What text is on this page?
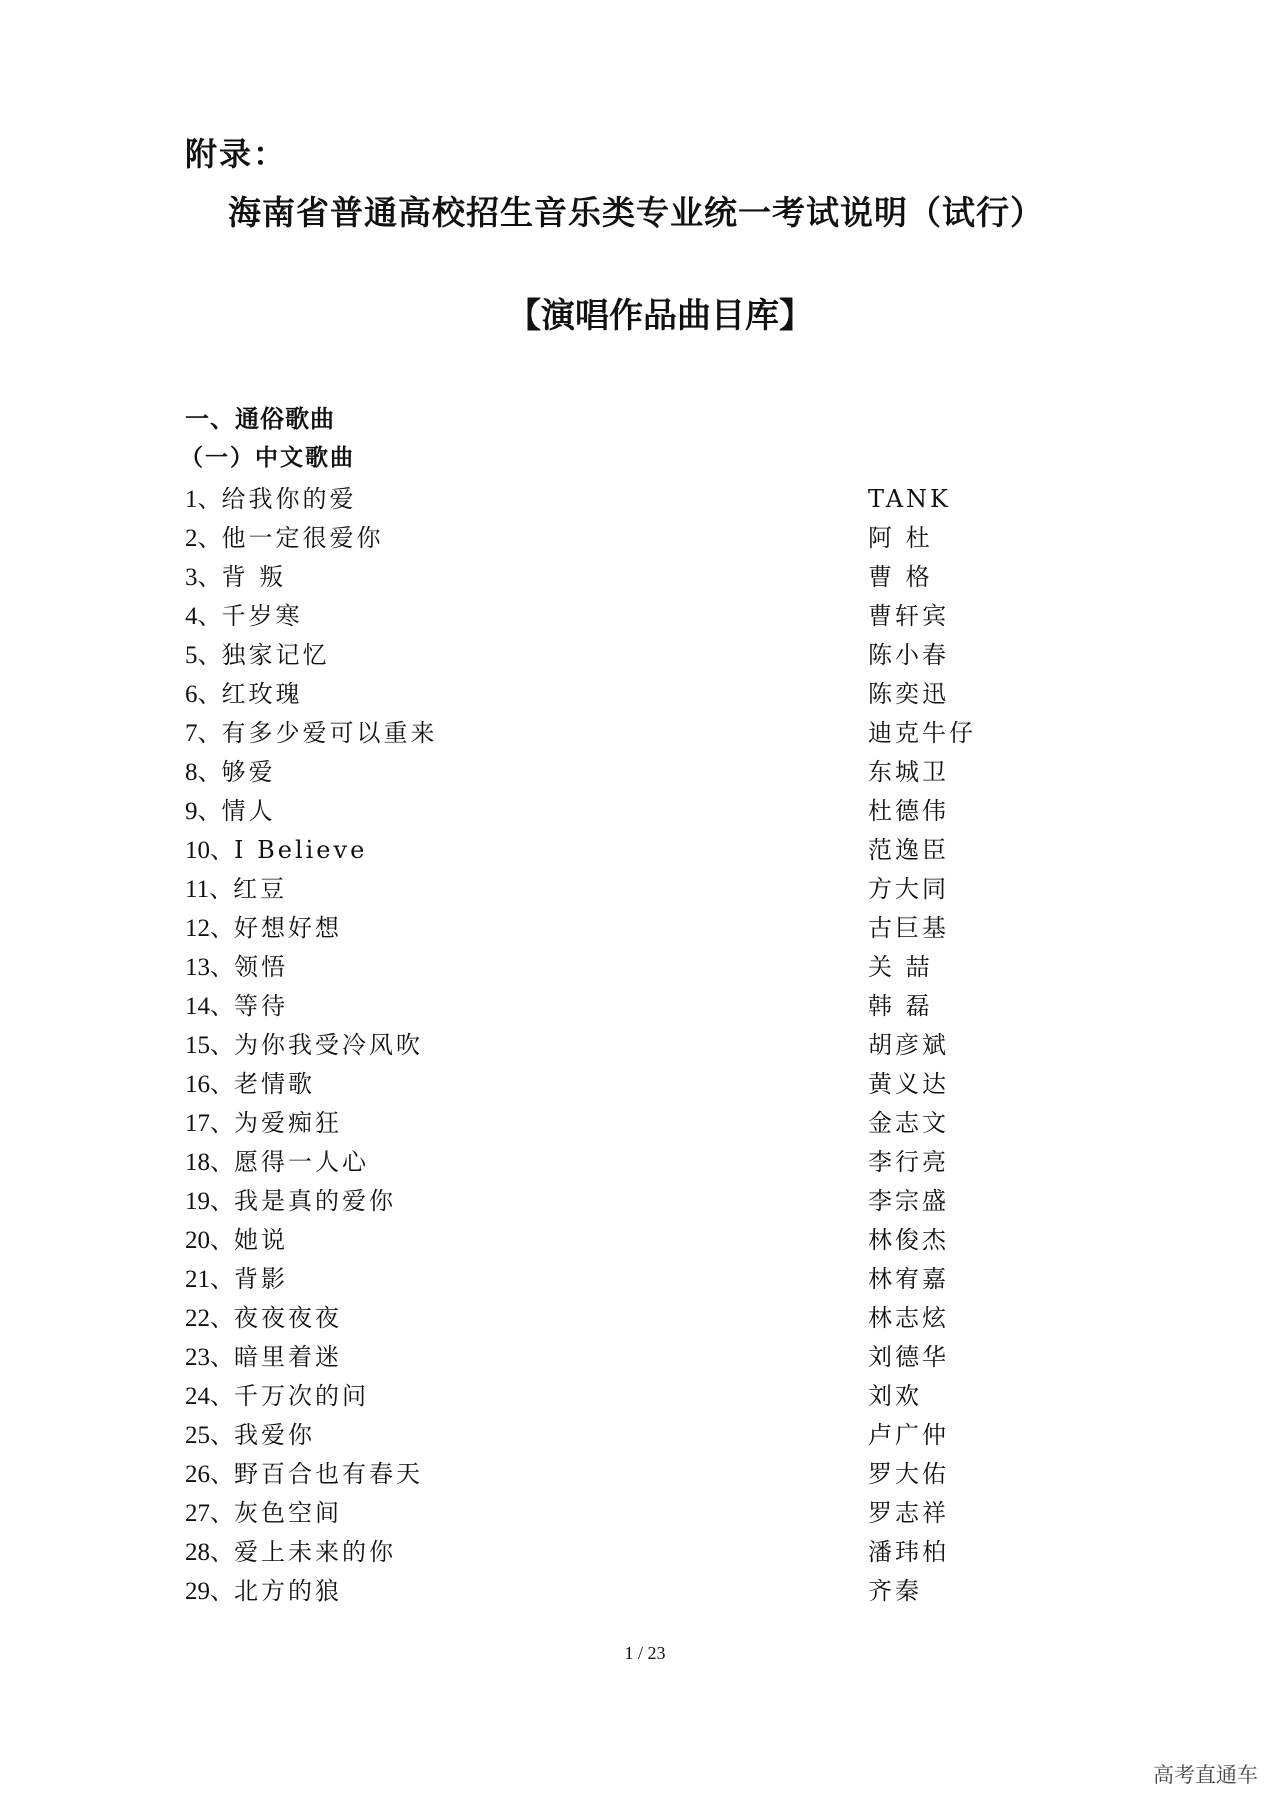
附录：
海南省普通高校招生音乐类专业统一考试说明（试行）
【演唱作品曲目库】
一、通俗歌曲
（一）中文歌曲
1、给我你的爱	TANK
2、他一定很爱你	阿 杜
3、背 叛	曹 格
4、千岁寒	曹轩宾
5、独家记忆	陈小春
6、红玫瑰	陈奕迅
7、有多少爱可以重来	迪克牛仔
8、够爱	东城卫
9、情人	杜德伟
10、I Believe	范逸臣
11、红豆	方大同
12、好想好想	古巨基
13、领悟	关 喆
14、等待	韩 磊
15、为你我受冷风吹	胡彦斌
16、老情歌	黄义达
17、为爱痴狂	金志文
18、愿得一人心	李行亮
19、我是真的爱你	李宗盛
20、她说	林俊杰
21、背影	林宥嘉
22、夜夜夜夜	林志炫
23、暗里着迷	刘德华
24、千万次的问	刘欢
25、我爱你	卢广仲
26、野百合也有春天	罗大佑
27、灰色空间	罗志祥
28、爱上未来的你	潘玮柏
29、北方的狼	齐秦
1 / 23
高考直通车
